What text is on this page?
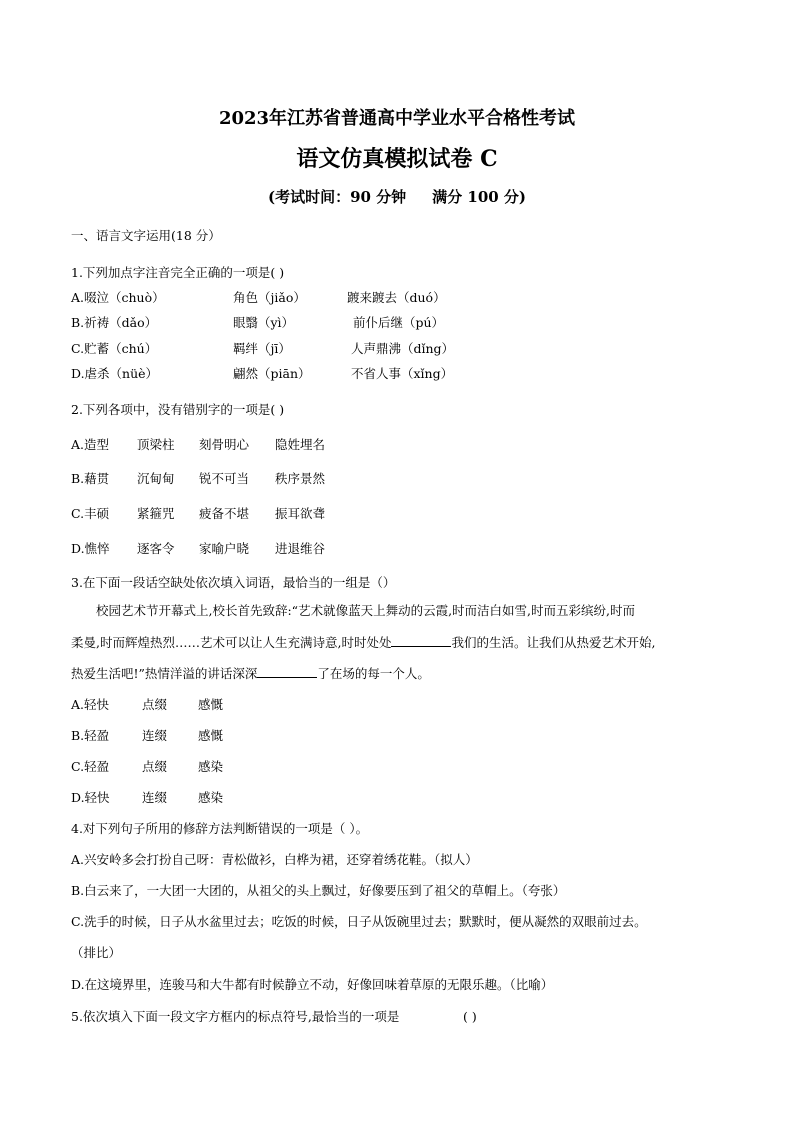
2023年江苏省普通高中学业水平合格性考试
语文仿真模拟试卷 C
(考试时间：90 分钟 满分 100 分)
一、语言文字运用(18 分）
1.下列加点字注音完全正确的一项是( )
A.啜泣（chuò）	角色（jiǎo）	踱来踱去（duó）
B.祈祷（dǎo）	眼翳（yì）	前仆后继（pú）
C.贮蓄（chú）	羁绊（jī）	人声鼎沸（dǐng）
D.虐杀（nüè）	翩然（piān）	不省人事（xǐng）
2.下列各项中，没有错别字的一项是( )
A.造型 顶梁柱 刻骨明心 隐姓埋名
B.藉贯 沉甸甸 锐不可当 秩序景然
C.丰硕 紧箍咒 疲备不堪 振耳欲聋
D.憔悴 逐客令 家喻户晓 进退维谷
3.在下面一段话空缺处依次填入词语，最恰当的一组是（）
校园艺术节开幕式上,校长首先致辞:“艺术就像蓝天上舞动的云霞,时而洁白如雪,时而五彩缤纷,时而
柔曼,时而辉煌热烈……艺术可以让人生充满诗意,时时处处	我们的生活。让我们从热爱艺术开始,
热爱生活吧!”热情洋溢的讲话深深	了在场的每一个人。
A.轻快	点缀 感慨
B.轻盈	连缀 感慨
C.轻盈	点缀 感染
D.轻快	连缀 感染
4.对下列句子所用的修辞方法判断错误的一项是（ ）。
A.兴安岭多会打扮自己呀：青松做衫，白桦为裙，还穿着绣花鞋。（拟人）
B.白云来了，一大团一大团的，从祖父的头上飘过，好像要压到了祖父的草帽上。（夸张）
C.洗手的时候，日子从水盆里过去；吃饭的时候，日子从饭碗里过去；默默时，便从凝然的双眼前过去。
（排比）
D.在这境界里，连骏马和大牛都有时候静立不动，好像回味着草原的无限乐趣。（比喻）
5.依次填入下面一段文字方框内的标点符号,最恰当的一项是	( )
